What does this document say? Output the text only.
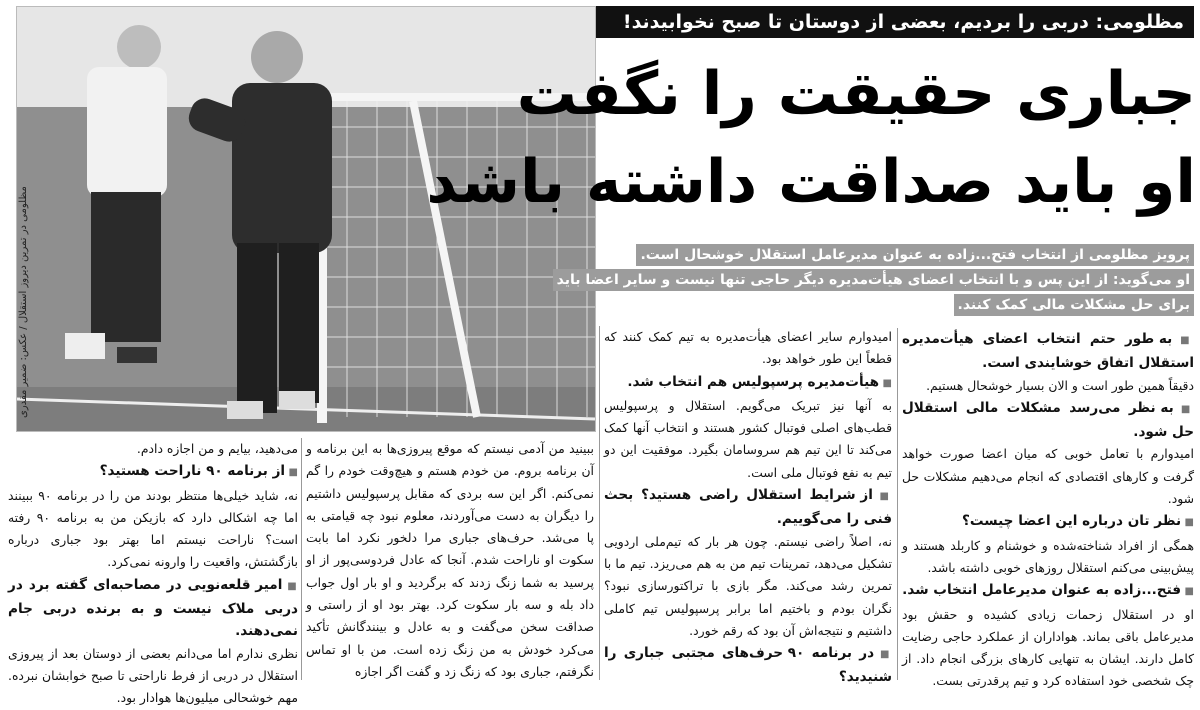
مظلومی در تمرین دیروز استقلال / عکس: ضمیر مقدری
مظلومی: دربی را بردیم، بعضی از دوستان تا صبح نخوابیدند!
جباری حقیقت را نگفت
او باید صداقت داشته باشد
پرویز مظلومی از انتخاب فتح...زاده به عنوان مدیرعامل استقلال خوشحال است.
او می‌گوید: از این پس و با انتخاب اعضای هیأت‌مدیره دیگر حاجی تنها نیست و سایر اعضا باید
برای حل مشکلات مالی کمک کنند.

■ به طور حتم انتخاب اعضای هیأت‌مدیره استقلال اتفاق خوشایندی است.

دقیقاً همین طور است و الان بسیار خوشحال هستیم.

■ به نظر می‌رسد مشکلات مالی استقلال حل شود.

امیدوارم با تعامل خوبی که میان اعضا صورت خواهد گرفت و کارهای اقتصادی که انجام می‌دهیم مشکلات حل شود.

■ نظر تان درباره این اعضا چیست؟

همگی از افراد شناخته‌شده و خوشنام و کاربلد هستند و پیش‌بینی می‌کنم استقلال روزهای خوبی داشته باشد.

■ فتح...زاده به عنوان مدیرعامل انتخاب شد.

او در استقلال زحمات زیادی کشیده و حقش بود مدیرعامل باقی بماند. هواداران از عملکرد حاجی رضایت کامل دارند. ایشان به تنهایی کارهای بزرگی انجام داد. از چک شخصی خود استفاده کرد و تیم پرقدرتی بست.

امیدوارم سایر اعضای هیأت‌مدیره به تیم کمک کنند که قطعاً این طور خواهد بود.

■ هیأت‌مدیره پرسپولیس هم انتخاب شد.

به آنها نیز تبریک می‌گویم. استقلال و پرسپولیس قطب‌های اصلی فوتبال کشور هستند و انتخاب آنها کمک می‌کند تا این تیم هم سروسامان بگیرد. موفقیت این دو تیم به نفع فوتبال ملی است.

■ از شرایط استقلال راضی هستید؟ بحث فنی را می‌گوییم.

نه، اصلاً راضی نیستم. چون هر بار که تیم‌ملی اردویی تشکیل می‌دهد، تمرینات تیم من به هم می‌ریزد. تیم ما با تمرین رشد می‌کند. مگر بازی با تراکتورسازی نبود؟ نگران بودم و باختیم اما برابر پرسپولیس تیم کاملی داشتیم و نتیجه‌اش آن بود که رقم خورد.

■ در برنامه ۹۰ حرف‌های مجتبی جباری را شنیدید؟

ببینید من آدمی نیستم که موقع پیروزی‌ها به این برنامه و آن برنامه بروم. من خودم هستم و هیچ‌وقت خودم را گم نمی‌کنم. اگر این سه بردی که مقابل پرسپولیس داشتیم را دیگران به دست می‌آوردند، معلوم نبود چه قیامتی به پا می‌شد. حرف‌های جباری مرا دلخور نکرد اما بابت سکوت او ناراحت شدم. آنجا که عادل فردوسی‌پور از او پرسید به شما زنگ زدند که برگردید و او بار اول جواب داد بله و سه بار سکوت کرد. بهتر بود او از راستی و صداقت سخن می‌گفت و به عادل و بینندگانش تأکید می‌کرد خودش به من زنگ زده است. من با او تماس نگرفتم، جباری بود که زنگ زد و گفت اگر اجازه

می‌دهید، بیایم و من اجازه دادم.

■ از برنامه ۹۰ ناراحت هستید؟

نه، شاید خیلی‌ها منتظر بودند من را در برنامه ۹۰ ببینند اما چه اشکالی دارد که بازیکن من به برنامه ۹۰ رفته است؟ ناراحت نیستم اما بهتر بود جباری درباره بازگشتش، واقعیت را وارونه نمی‌کرد.

■ امیر قلعه‌نویی در مصاحبه‌ای گفته برد در دربی ملاک نیست و به برنده دربی جام نمی‌دهند.

نظری ندارم اما می‌دانم بعضی از دوستان بعد از پیروزی استقلال در دربی از فرط ناراحتی تا صبح خوابشان نبرده. مهم خوشحالی میلیون‌ها هوادار بود.
